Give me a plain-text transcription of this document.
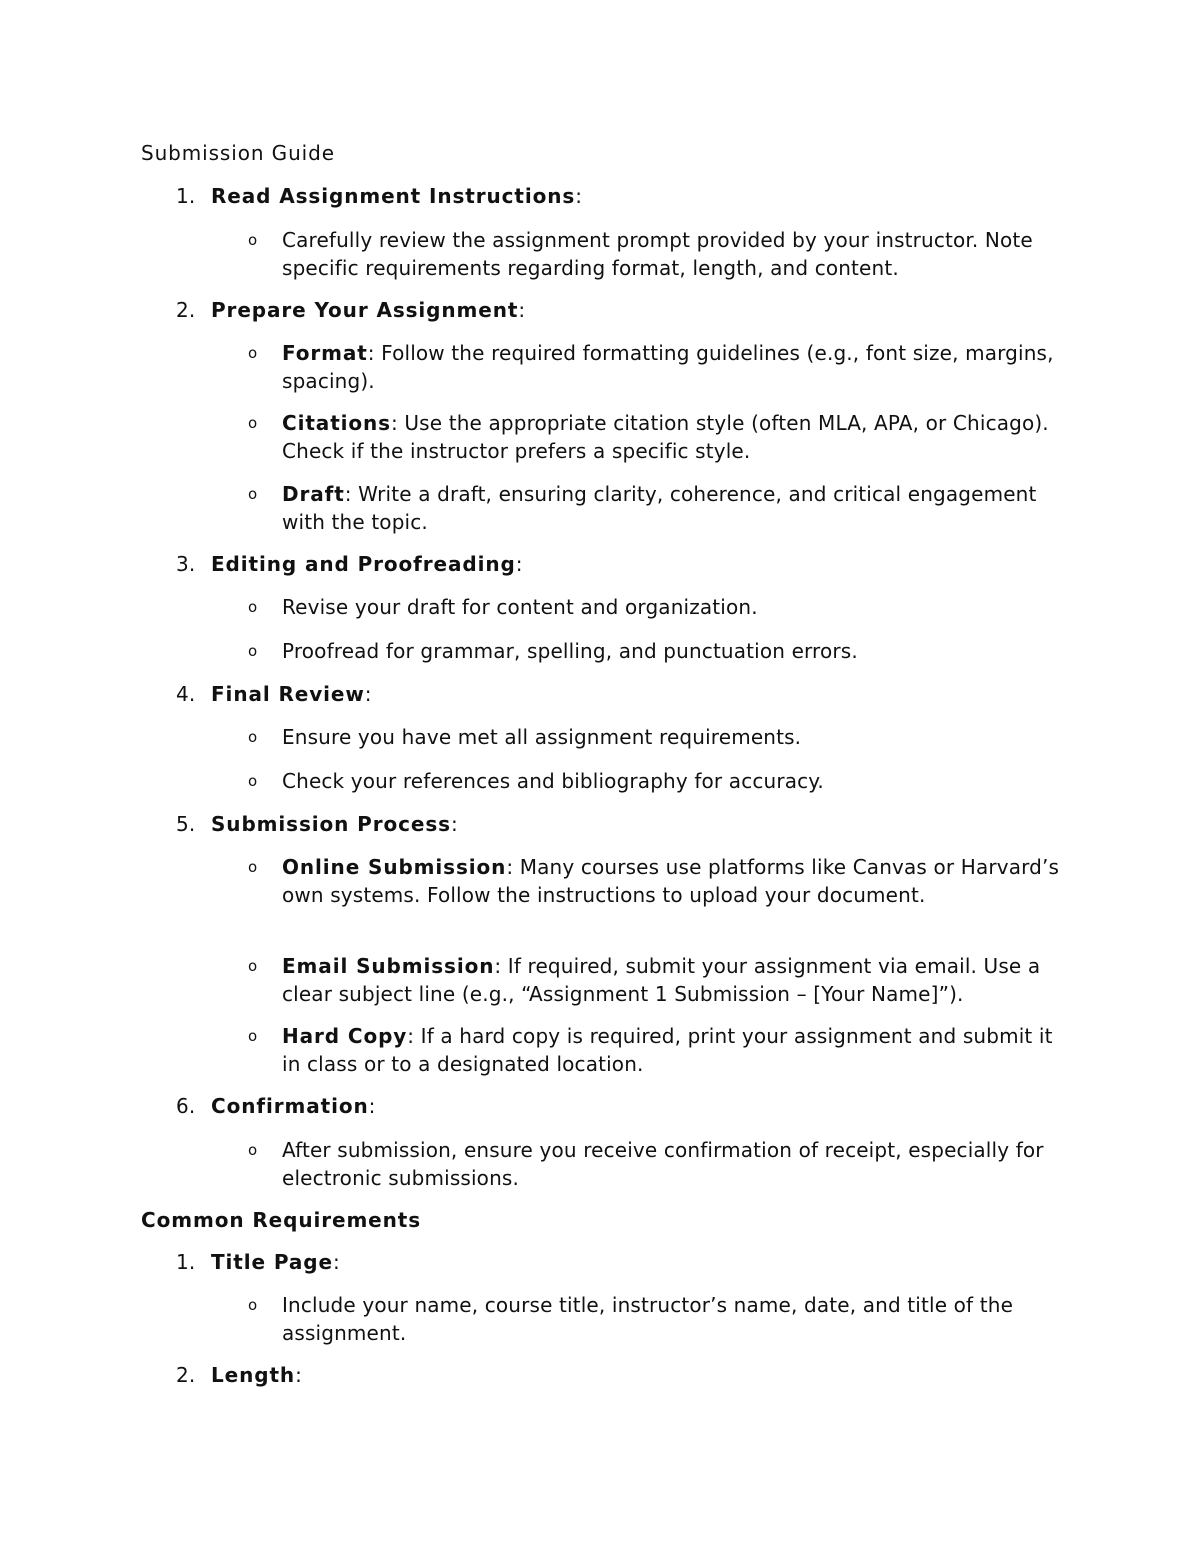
Submission Guide
1. Read Assignment Instructions:
o Carefully review the assignment prompt provided by your instructor. Note specific requirements regarding format, length, and content.
2. Prepare Your Assignment:
o Format: Follow the required formatting guidelines (e.g., font size, margins, spacing).
o Citations: Use the appropriate citation style (often MLA, APA, or Chicago). Check if the instructor prefers a specific style.
o Draft: Write a draft, ensuring clarity, coherence, and critical engagement with the topic.
3. Editing and Proofreading:
o Revise your draft for content and organization.
o Proofread for grammar, spelling, and punctuation errors.
4. Final Review:
o Ensure you have met all assignment requirements.
o Check your references and bibliography for accuracy.
5. Submission Process:
o Online Submission: Many courses use platforms like Canvas or Harvard’s own systems. Follow the instructions to upload your document.
o Email Submission: If required, submit your assignment via email. Use a clear subject line (e.g., “Assignment 1 Submission – [Your Name]”).
o Hard Copy: If a hard copy is required, print your assignment and submit it in class or to a designated location.
6. Confirmation:
o After submission, ensure you receive confirmation of receipt, especially for electronic submissions.
Common Requirements
1. Title Page:
o Include your name, course title, instructor’s name, date, and title of the assignment.
2. Length:
